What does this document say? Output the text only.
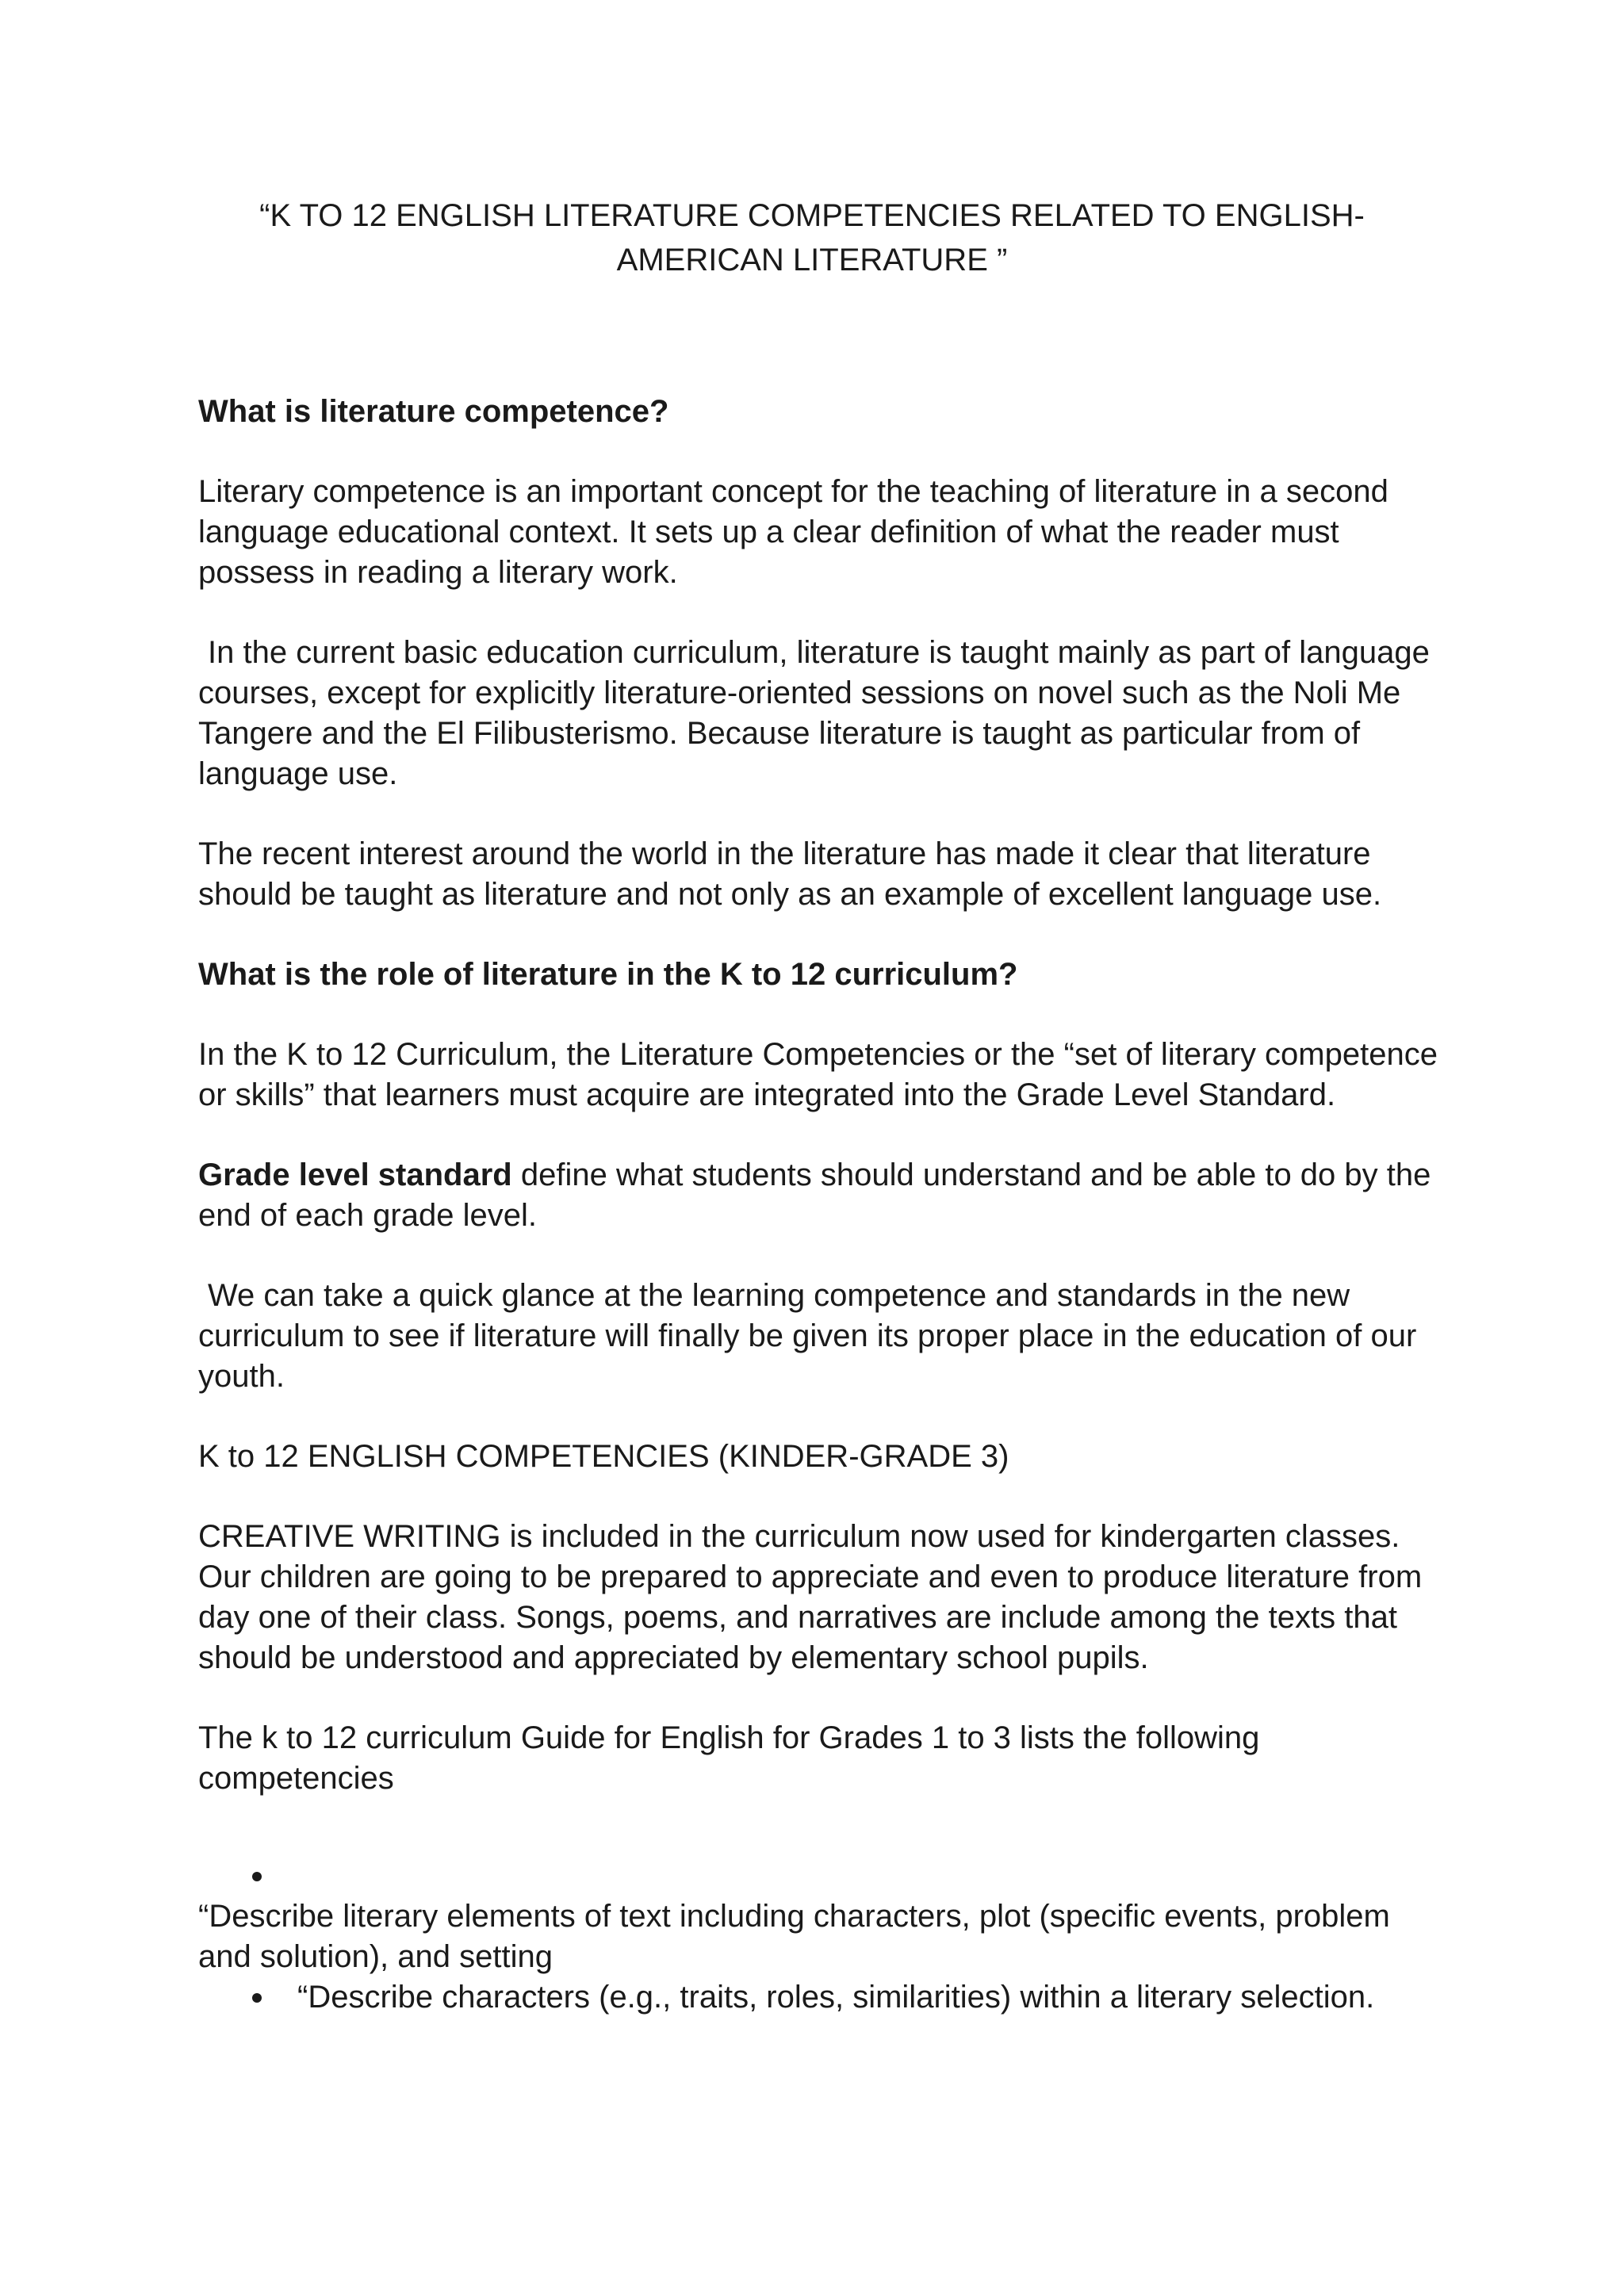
“K TO 12 ENGLISH LITERATURE COMPETENCIES RELATED TO ENGLISH-
AMERICAN LITERATURE ”
What is literature competence?

Literary competence is an important concept for the teaching of literature in a second language educational context. It sets up a clear definition of what the reader must possess in reading a literary work.

In the current basic education curriculum, literature is taught mainly as part of language courses, except for explicitly literature-oriented sessions on novel such as the Noli Me Tangere and the El Filibusterismo. Because literature is taught as particular from of language use.

The recent interest around the world in the literature has made it clear that literature should be taught as literature and not only as an example of excellent language use.

What is the role of literature in the K to 12 curriculum?

In the K to 12 Curriculum, the Literature Competencies or the “set of literary competence or skills” that learners must acquire are integrated into the Grade Level Standard.

Grade level standard define what students should understand and be able to do by the end of each grade level.

We can take a quick glance at the learning competence and standards in the new curriculum to see if literature will finally be given its proper place in the education of our youth.

K to 12 ENGLISH COMPETENCIES (KINDER-GRADE 3)

CREATIVE WRITING is included in the curriculum now used for kindergarten classes. Our children are going to be prepared to appreciate and even to produce literature from day one of their class. Songs, poems, and narratives are include among the texts that should be understood and appreciated by elementary school pupils.

The k to 12 curriculum Guide for English for Grades 1 to 3 lists the following competencies

“Describe literary elements of text including characters, plot (specific events, problem and solution), and setting

“Describe characters (e.g., traits, roles, similarities) within a literary selection.
